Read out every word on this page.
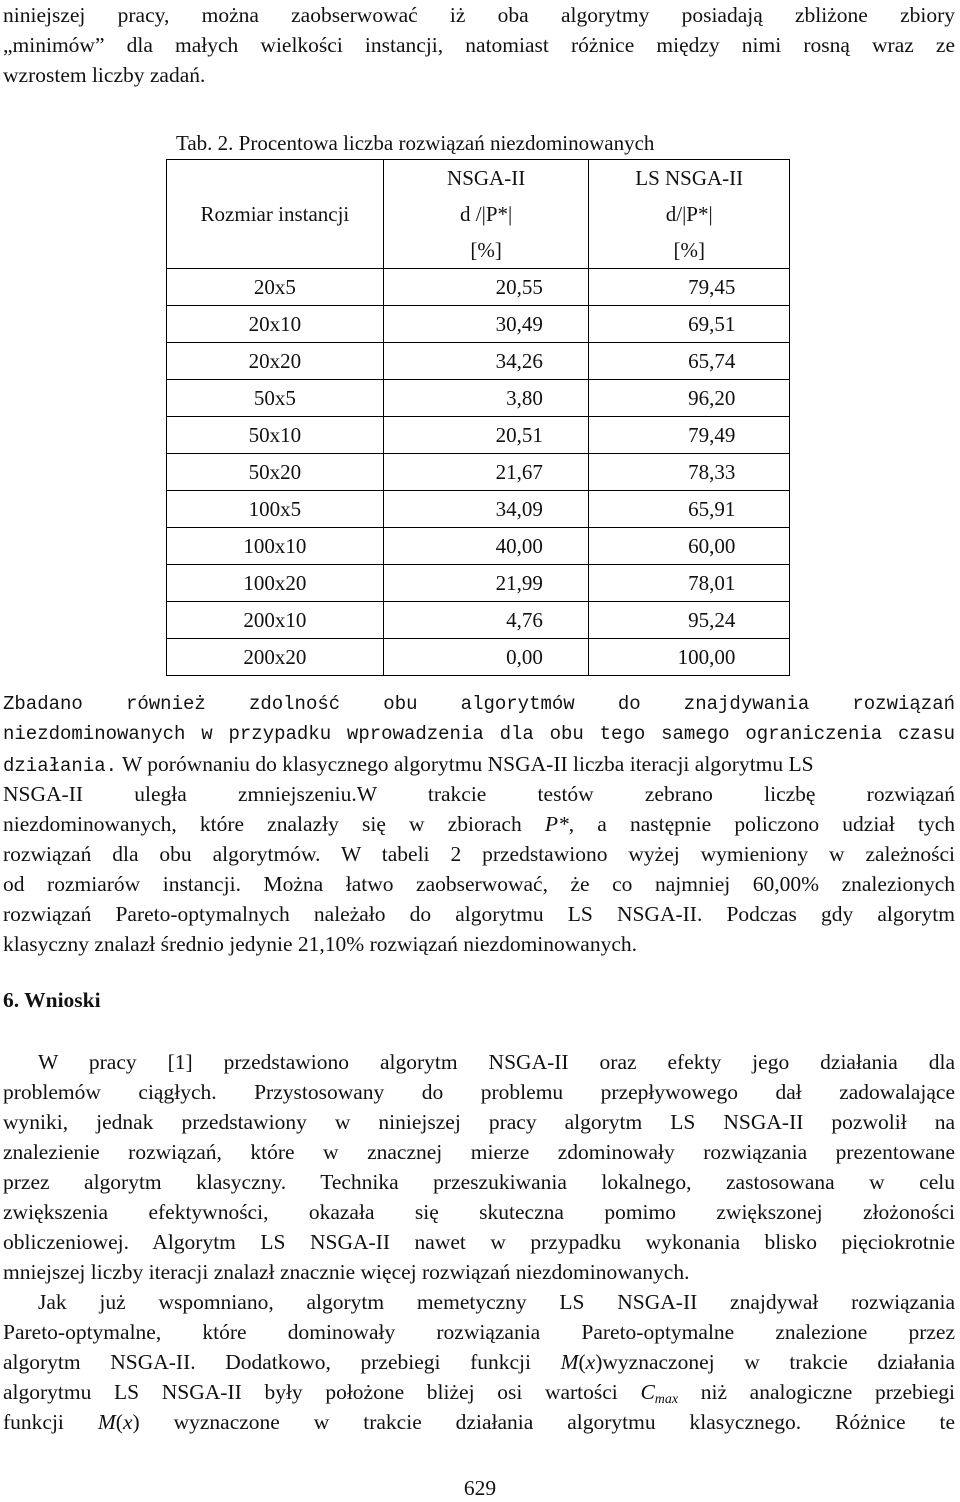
niniejszej pracy, można zaobserwować iż oba algorytmy posiadają zbliżone zbiory
„minimów” dla małych wielkości instancji, natomiast różnice między nimi rosną wraz ze
wzrostem liczby zadań.
Tab. 2. Procentowa liczba rozwiązań niezdominowanych
Rozmiar instancji	NSGA-II	LS NSGA-II
	d /|P*|	d/|P*|
	[%]	[%]
20x5	20,55	79,45
20x10	30,49	69,51
20x20	34,26	65,74
50x5	3,80	96,20
50x10	20,51	79,49
50x20	21,67	78,33
100x5	34,09	65,91
100x10	40,00	60,00
100x20	21,99	78,01
200x10	4,76	95,24
200x20	0,00	100,00
Zbadano również zdolność obu algorytmów do znajdywania rozwiązań
niezdominowanych w przypadku wprowadzenia dla obu tego samego ograniczenia czasu
działania. W porównaniu do klasycznego algorytmu NSGA-II liczba iteracji algorytmu LS
NSGA-II uległa zmniejszeniu.W trakcie testów zebrano liczbę rozwiązań
niezdominowanych, które znalazły się w zbiorach P*, a następnie policzono udział tych
rozwiązań dla obu algorytmów. W tabeli 2 przedstawiono wyżej wymieniony w zależności
od rozmiarów instancji. Można łatwo zaobserwować, że co najmniej 60,00% znalezionych
rozwiązań Pareto-optymalnych należało do algorytmu LS NSGA-II. Podczas gdy algorytm
klasyczny znalazł średnio jedynie 21,10% rozwiązań niezdominowanych.
6. Wnioski
W pracy [1] przedstawiono algorytm NSGA-II oraz efekty jego działania dla
problemów ciągłych. Przystosowany do problemu przepływowego dał zadowalające
wyniki, jednak przedstawiony w niniejszej pracy algorytm LS NSGA-II pozwolił na
znalezienie rozwiązań, które w znacznej mierze zdominowały rozwiązania prezentowane
przez algorytm klasyczny. Technika przeszukiwania lokalnego, zastosowana w celu
zwiększenia efektywności, okazała się skuteczna pomimo zwiększonej złożoności
obliczeniowej. Algorytm LS NSGA-II nawet w przypadku wykonania blisko pięciokrotnie
mniejszej liczby iteracji znalazł znacznie więcej rozwiązań niezdominowanych.
Jak już wspomniano, algorytm memetyczny LS NSGA-II znajdywał rozwiązania
Pareto-optymalne, które dominowały rozwiązania Pareto-optymalne znalezione przez
algorytm NSGA-II. Dodatkowo, przebiegi funkcji M(x)wyznaczonej w trakcie działania
algorytmu LS NSGA-II były położone bliżej osi wartości $C_{max}$ niż analogiczne przebiegi
funkcji M(x) wyznaczone w trakcie działania algorytmu klasycznego. Różnice te
629
